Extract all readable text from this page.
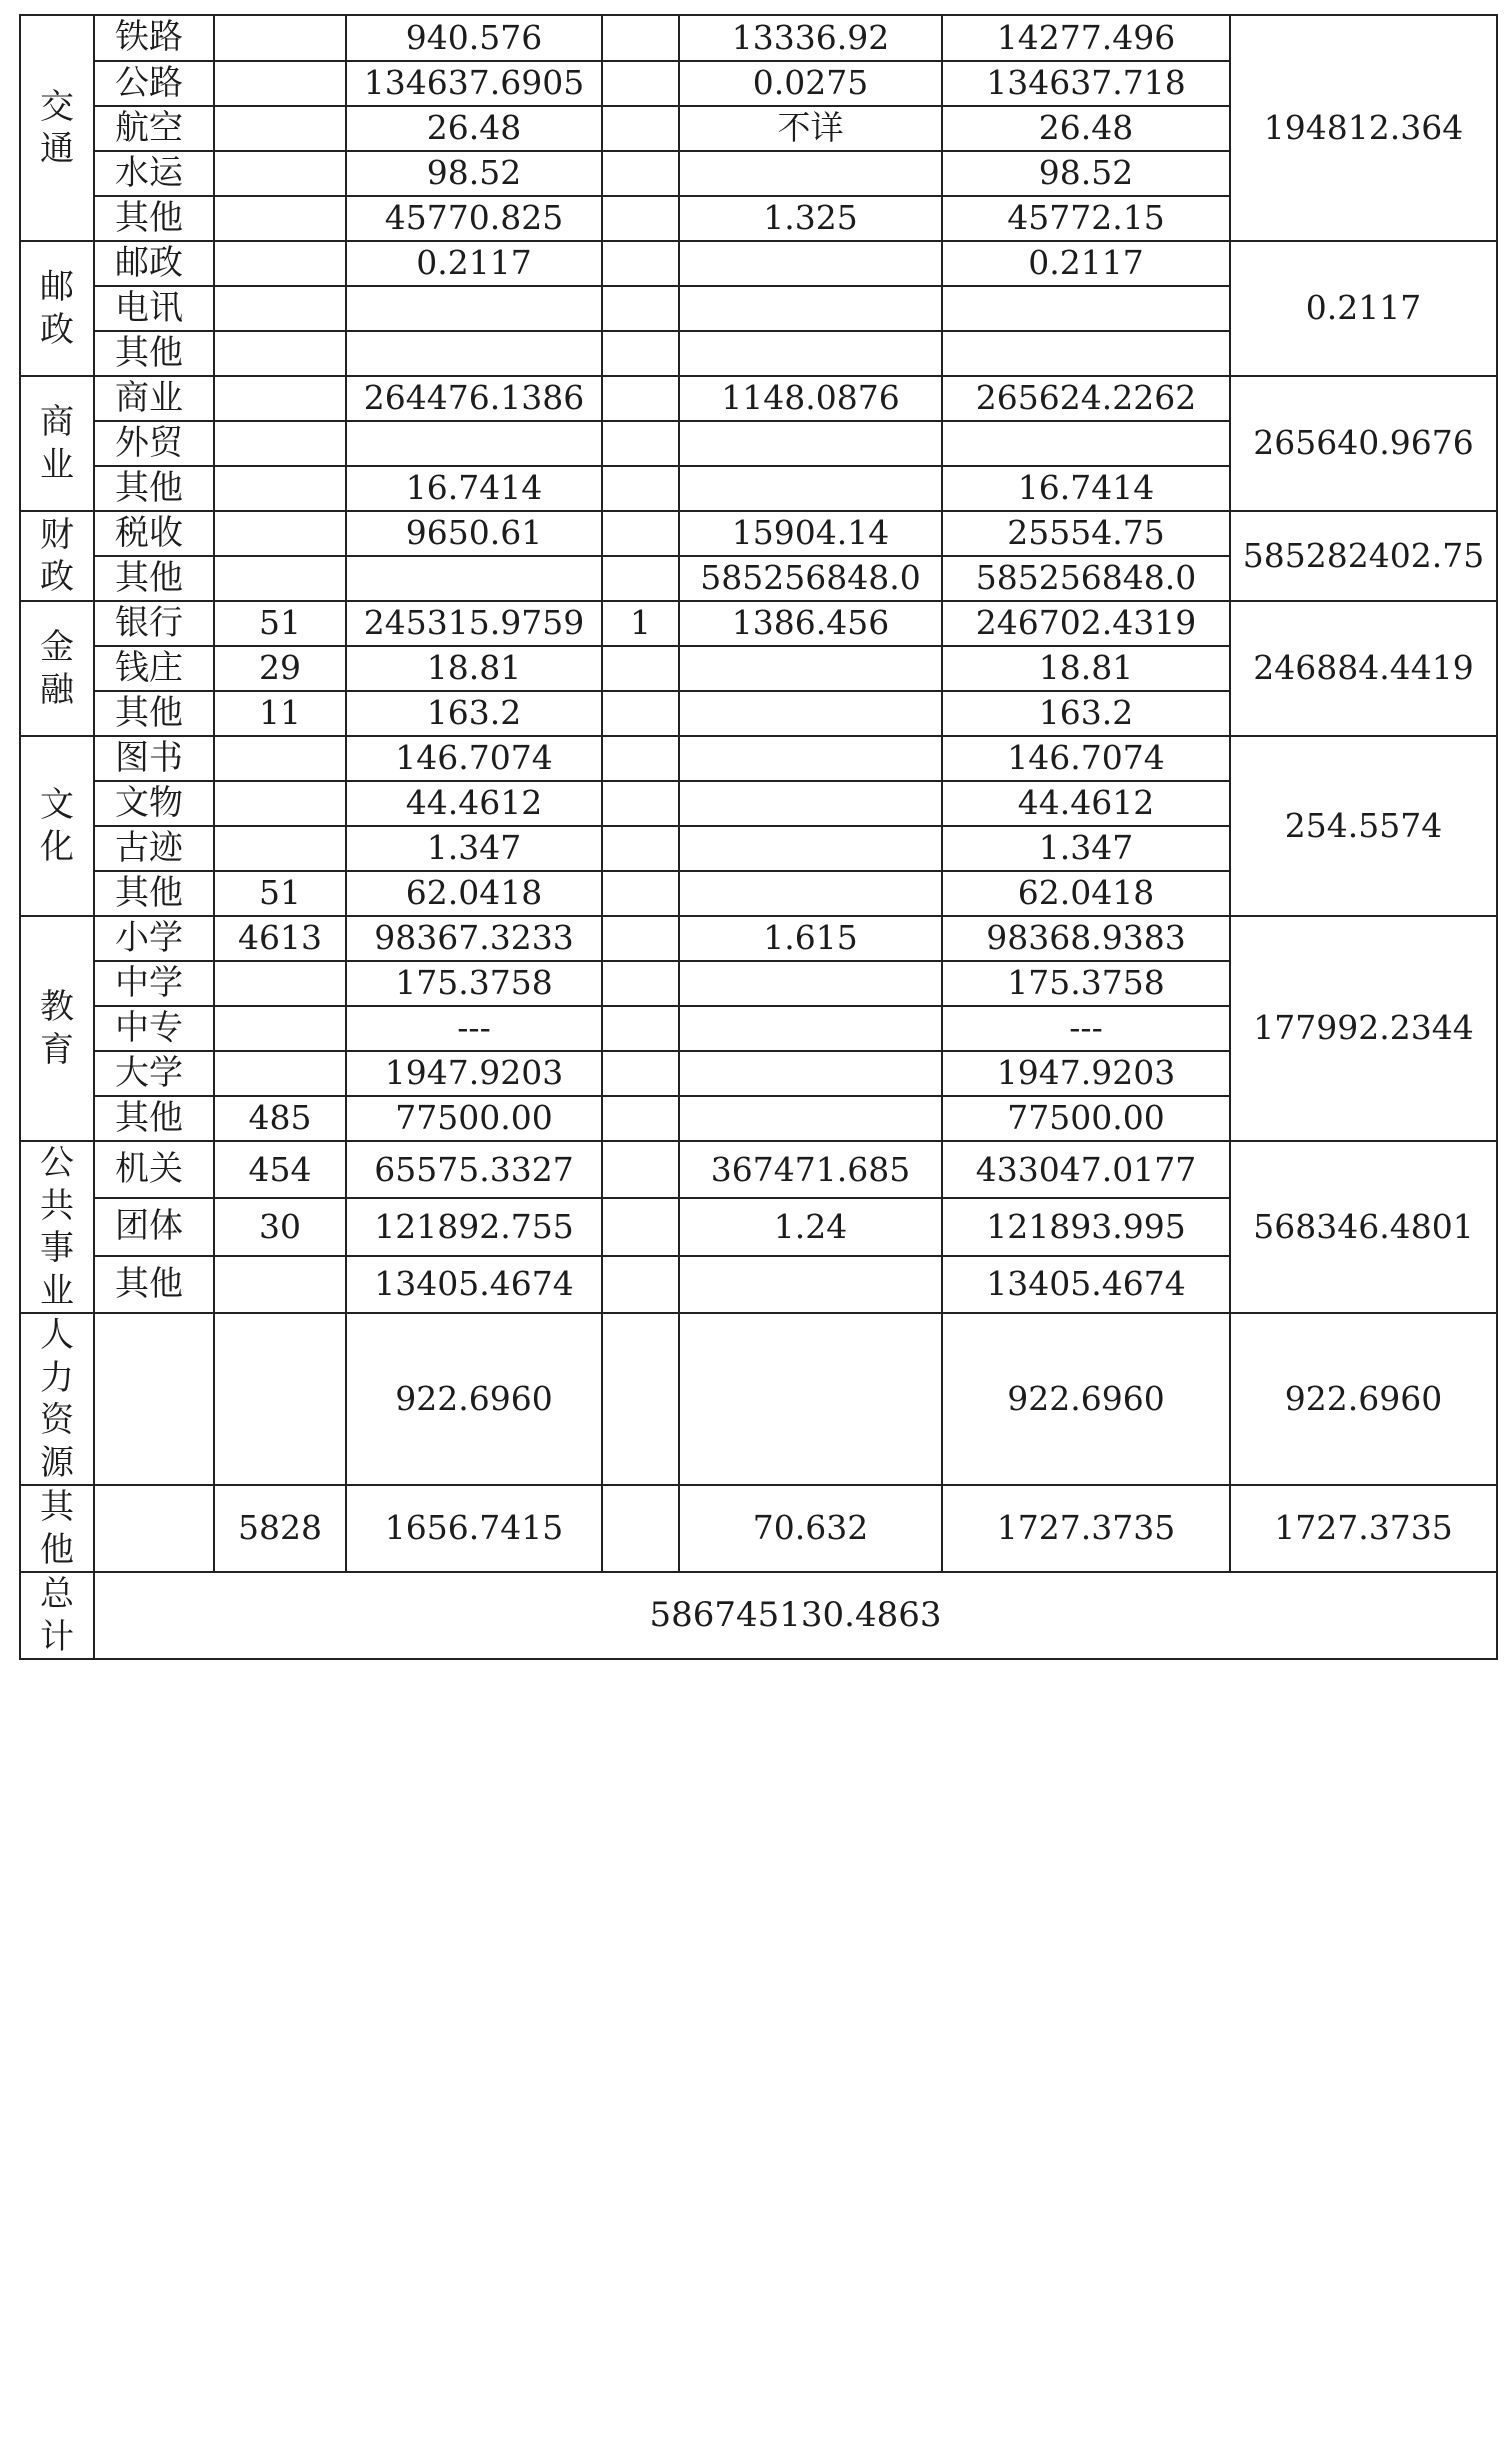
交通	铁路		940.576		13336.92	14277.496	194812.364
	公路		134637.6905		0.0275	134637.718	
	航空		26.48		不详	26.48	
	水运		98.52			98.52	
	其他		45770.825		1.325	45772.15	
邮政	邮政		0.2117			0.2117	0.2117
	电讯						
	其他						
商业	商业		264476.1386		1148.0876	265624.2262	265640.9676
	外贸						
	其他		16.7414			16.7414	
财政	税收		9650.61		15904.14	25554.75	585282402.75
	其他				585256848.0	585256848.0	
金融	银行	51	245315.9759	1	1386.456	246702.4319	246884.4419
	钱庄	29	18.81			18.81	
	其他	11	163.2			163.2	
文化	图书		146.7074			146.7074	254.5574
	文物		44.4612			44.4612	
	古迹		1.347			1.347	
	其他	51	62.0418			62.0418	
教育	小学	4613	98367.3233		1.615	98368.9383	177992.2344
	中学		175.3758			175.3758	
	中专		---			---	
	大学		1947.9203			1947.9203	
	其他	485	77500.00			77500.00	
公共事业	机关	454	65575.3327		367471.685	433047.0177	568346.4801
	团体	30	121892.755		1.24	121893.995	
	其他		13405.4674			13405.4674	
人力资源			922.6960			922.6960	922.6960
其他		5828	1656.7415		70.632	1727.3735	1727.3735
总计	586745130.4863						
